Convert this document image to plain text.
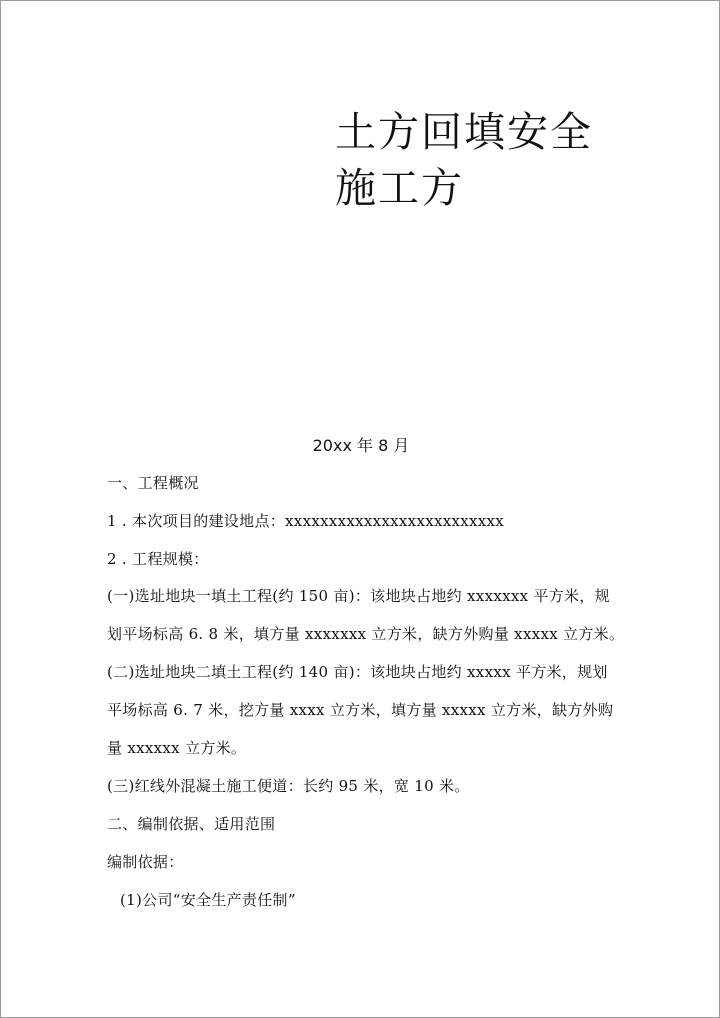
土方回填安全
施工方
20xx 年 8 月
一、工程概况
1 . 本次项目的建设地点：xxxxxxxxxxxxxxxxxxxxxxxxx
2 . 工程规模：
(一)选址地块一填土工程(约 150 亩)：该地块占地约 xxxxxxx 平方米，规
划平场标高 6. 8 米，填方量 xxxxxxx 立方米，缺方外购量 xxxxx 立方米。
(二)选址地块二填土工程(约 140 亩)：该地块占地约 xxxxx 平方米，规划
平场标高 6. 7 米，挖方量 xxxx 立方米，填方量 xxxxx 立方米，缺方外购
量 xxxxxx 立方米。
(三)红线外混凝土施工便道：长约 95 米，宽 10 米。
二、编制依据、适用范围
编制依据：
(1)公司“安全生产责任制”
